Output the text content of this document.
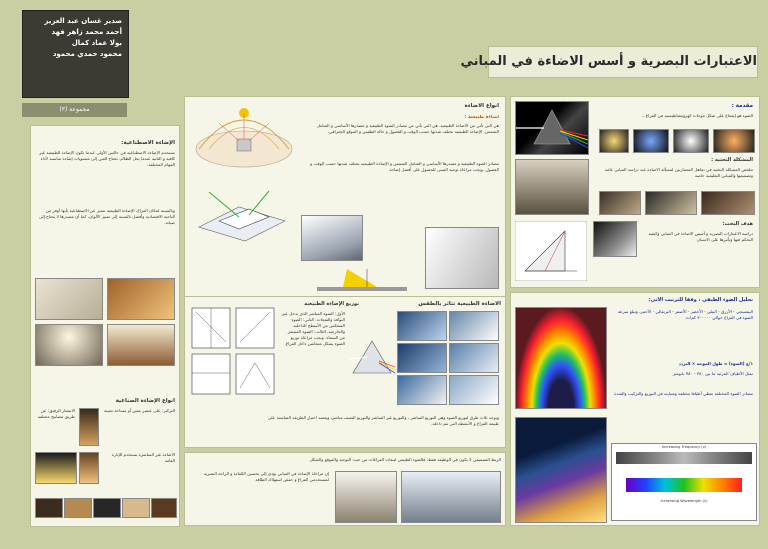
صدير غسان عبد العزيز
أحمد محمد زاهر فهد
بولا عماد كمال
محمود حمدي محمود
مجموعة (٣)
الاعتبارات البصرية و أسس الاضاءة في المباني
الإضاءة الاصطناعية:
تستخدم الإضاءة الاصطناعية في حالتين الأولى عندما تكون الإضاءة الطبيعية غير كافية و الثانية عندما يحل الظلام. تحتاج العين إلى مستويات إضاءة مناسبة لأداء المهام المختلفة.
وبالنسبة لمكان الفراغ، الإضاءة الطبيعية تتميز عن الاصطناعية بأنها أوفر من الناحية الاقتصادية وأفضل بالنسبة إلى تمييز الألوان، كما أن مصدرها لا يحتاج إلى صيانة.
أنواع الإضاءة الصناعية
الانتشار الرقيق: عن طريق مصابيح مختلفة
التركيز: على عنصر معين أو مساحة معينة
الاضاءة غير المباشرة تستخدم للإنارة العامة
أنواع الاضاءة
اضاءة طبيعية :
هي التي تأتي من الاضاءة الطبيعية. هي التي تأتي من مصادر الضوء الطبيعية و مصدرها الأساسي و الشامل الشمس. الإضاءة الطبيعية تختلف شدتها حسب الوقت و الفصول و حالة الطقس و الموقع الجغرافي.
مصادر الضوء الطبيعية و مصدرها الأساسي و الشامل الشمس و الإضاءة الطبيعية تختلف شدتها حسب الوقت و الفصول. ويجب مراعاة توجيه المبنى للحصول على أفضل إضاءة.
الاضاءة الطبيعية تتأثر بالطقس
توزيع الإضاءة الطبيعية
الأول: الضوء المباشر الذي يدخل عبر النوافذ والفتحات. الثاني: الضوء المنعكس من الأسطح الداخلية والخارجية. الثالث: الضوء المنتشر من السماء. ويجب مراعاة توزيع الضوء بشكل متجانس داخل الفراغ.
ويوجد ثلاث طرق لتوزيع الضوء وهي التوزيع المباشر ، والتوزيع غير المباشر والتوزيع النصف مباشر، ويعتمد اختيار الطريقة المناسبة على طبيعة الفراغ و الأنشطة التي تتم داخله.
الربط التصميمي لا يكون في الوظيفة فقط، فالضوء الطبيعي لتبعات الفراغات من حيث التوجيه والموقع والشكل
إن مراعاة الإضاءة في المباني يؤدي إلى تحسين الكفاءة و الراحة البصرية لمستخدمي الفراغ و خفض استهلاك الطاقة
مقدمة :
الضوء هو إشعاع على شكل موجات كهرومغناطيسية في الفراغ...
المشكلة البحثية :
تتلخص المشكلة البحثية في تجاهل المعماريين لمسألة الاضاءة عند دراسة المباني عامة وتصميمها والمباني التعليمية خاصة
هدف البحث:
دراسة الاعتبارات البصرية و أسس الاضاءة في المباني وكيفية التحكم فيها وتأثيرها على الانسان
تحليل الضوء الطيفي ، وفقا للترتيب الآتي:
البنفسجي - الأزرق - النيلي - الأخضر - الأصفر - البرتقالي - الأحمر، وتبلغ سرعة الضوء في الفراغ حوالي ٣٠٠٠٠٠ كم/ث
١/ع (الضوء) = طول الموجة × التردد
تمثل الأطياف المرئية ما بين ٣٨٠ - ٧٨٠ نانومتر
مصادر الضوء المختلفة تعطي أطيافا مختلفة ومتباينة في التوزيع والتركيب والشدة
Increasing Frequency (ν)
Increasing Wavelength (λ)
